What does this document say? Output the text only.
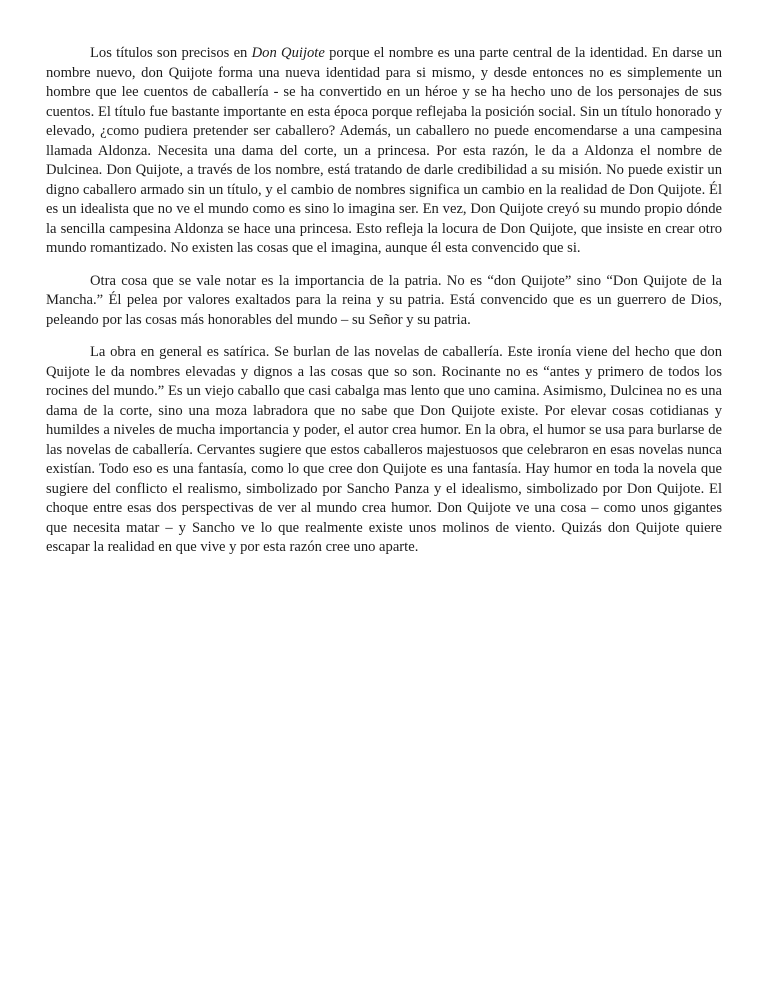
Los títulos son precisos en Don Quijote porque el nombre es una parte central de la identidad. En darse un nombre nuevo, don Quijote forma una nueva identidad para si mismo, y desde entonces no es simplemente un hombre que lee cuentos de caballería - se ha convertido en un héroe y se ha hecho uno de los personajes de sus cuentos. El título fue bastante importante en esta época porque reflejaba la posición social. Sin un título honorado y elevado, ¿como pudiera pretender ser caballero? Además, un caballero no puede encomendarse a una campesina llamada Aldonza. Necesita una dama del corte, un a princesa. Por esta razón, le da a Aldonza el nombre de Dulcinea. Don Quijote, a través de los nombre, está tratando de darle credibilidad a su misión. No puede existir un digno caballero armado sin un título, y el cambio de nombres significa un cambio en la realidad de Don Quijote. Él es un idealista que no ve el mundo como es sino lo imagina ser. En vez, Don Quijote creyó su mundo propio dónde la sencilla campesina Aldonza se hace una princesa. Esto refleja la locura de Don Quijote, que insiste en crear otro mundo romantizado. No existen las cosas que el imagina, aunque él esta convencido que si.

Otra cosa que se vale notar es la importancia de la patria. No es “don Quijote” sino “Don Quijote de la Mancha.” Él pelea por valores exaltados para la reina y su patria. Está convencido que es un guerrero de Dios, peleando por las cosas más honorables del mundo – su Señor y su patria.

La obra en general es satírica. Se burlan de las novelas de caballería. Este ironía viene del hecho que don Quijote le da nombres elevadas y dignos a las cosas que so son. Rocinante no es “antes y primero de todos los rocines del mundo.” Es un viejo caballo que casi cabalga mas lento que uno camina. Asimismo, Dulcinea no es una dama de la corte, sino una moza labradora que no sabe que Don Quijote existe. Por elevar cosas cotidianas y humildes a niveles de mucha importancia y poder, el autor crea humor. En la obra, el humor se usa para burlarse de las novelas de caballería. Cervantes sugiere que estos caballeros majestuosos que celebraron en esas novelas nunca existían. Todo eso es una fantasía, como lo que cree don Quijote es una fantasía. Hay humor en toda la novela que sugiere del conflicto el realismo, simbolizado por Sancho Panza y el idealismo, simbolizado por Don Quijote. El choque entre esas dos perspectivas de ver al mundo crea humor. Don Quijote ve una cosa – como unos gigantes que necesita matar – y Sancho ve lo que realmente existe unos molinos de viento. Quizás don Quijote quiere escapar la realidad en que vive y por esta razón cree uno aparte.
